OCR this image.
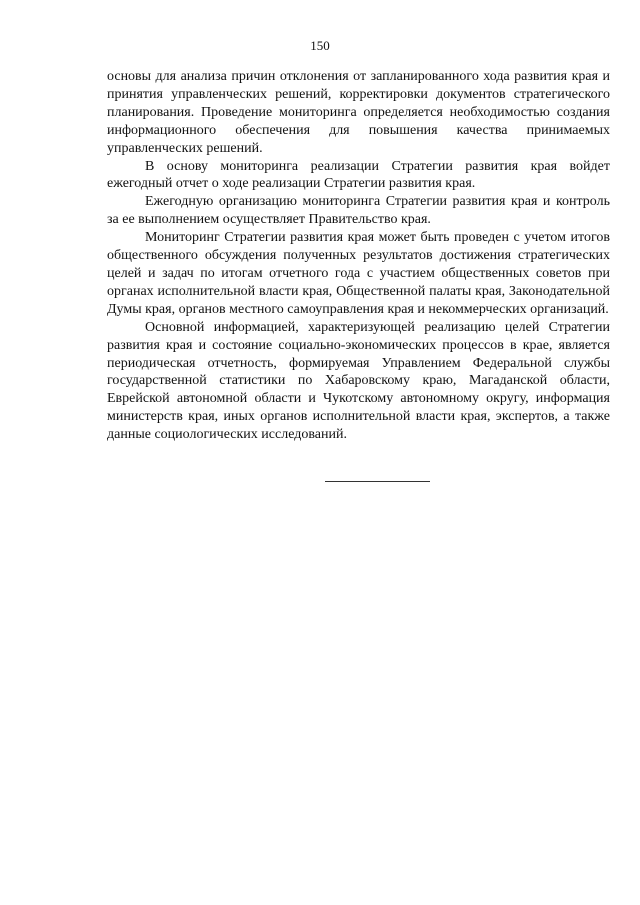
150

основы для анализа причин отклонения от запланированного хода развития края и принятия управленческих решений, корректировки документов стратегического планирования. Проведение мониторинга определяется необходимостью создания информационного обеспечения для повышения качества принимаемых управленческих решений.

В основу мониторинга реализации Стратегии развития края войдет ежегодный отчет о ходе реализации Стратегии развития края.

Ежегодную организацию мониторинга Стратегии развития края и контроль за ее выполнением осуществляет Правительство края.

Мониторинг Стратегии развития края может быть проведен с учетом итогов общественного обсуждения полученных результатов достижения стратегических целей и задач по итогам отчетного года с участием общественных советов при органах исполнительной власти края, Общественной палаты края, Законодательной Думы края, органов местного самоуправления края и некоммерческих организаций.

Основной информацией, характеризующей реализацию целей Стратегии развития края и состояние социально-экономических процессов в крае, является периодическая отчетность, формируемая Управлением Федеральной службы государственной статистики по Хабаровскому краю, Магаданской области, Еврейской автономной области и Чукотскому автономному округу, информация министерств края, иных органов исполнительной власти края, экспертов, а также данные социологических исследований.
